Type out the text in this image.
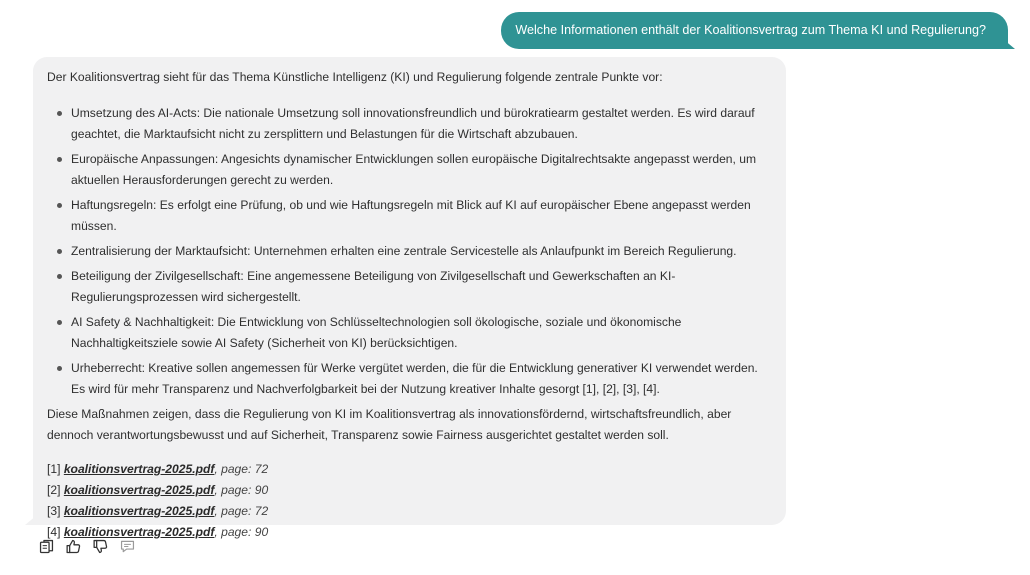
Welche Informationen enthält der Koalitionsvertrag zum Thema KI und Regulierung?

Der Koalitionsvertrag sieht für das Thema Künstliche Intelligenz (KI) und Regulierung folgende zentrale Punkte vor:

Umsetzung des AI-Acts: Die nationale Umsetzung soll innovationsfreundlich und bürokratiearm gestaltet werden. Es wird darauf geachtet, die Marktaufsicht nicht zu zersplittern und Belastungen für die Wirtschaft abzubauen.
Europäische Anpassungen: Angesichts dynamischer Entwicklungen sollen europäische Digitalrechtsakte angepasst werden, um aktuellen Herausforderungen gerecht zu werden.
Haftungsregeln: Es erfolgt eine Prüfung, ob und wie Haftungsregeln mit Blick auf KI auf europäischer Ebene angepasst werden müssen.
Zentralisierung der Marktaufsicht: Unternehmen erhalten eine zentrale Servicestelle als Anlaufpunkt im Bereich Regulierung.
Beteiligung der Zivilgesellschaft: Eine angemessene Beteiligung von Zivilgesellschaft und Gewerkschaften an KI-Regulierungsprozessen wird sichergestellt.
AI Safety & Nachhaltigkeit: Die Entwicklung von Schlüsseltechnologien soll ökologische, soziale und ökonomische Nachhaltigkeitsziele sowie AI Safety (Sicherheit von KI) berücksichtigen.
Urheberrecht: Kreative sollen angemessen für Werke vergütet werden, die für die Entwicklung generativer KI verwendet werden. Es wird für mehr Transparenz und Nachverfolgbarkeit bei der Nutzung kreativer Inhalte gesorgt [1], [2], [3], [4].

Diese Maßnahmen zeigen, dass die Regulierung von KI im Koalitionsvertrag als innovationsfördernd, wirtschaftsfreundlich, aber dennoch verantwortungsbewusst und auf Sicherheit, Transparenz sowie Fairness ausgerichtet gestaltet werden soll.

[1] koalitionsvertrag-2025.pdf, page: 72
[2] koalitionsvertrag-2025.pdf, page: 90
[3] koalitionsvertrag-2025.pdf, page: 72
[4] koalitionsvertrag-2025.pdf, page: 90
